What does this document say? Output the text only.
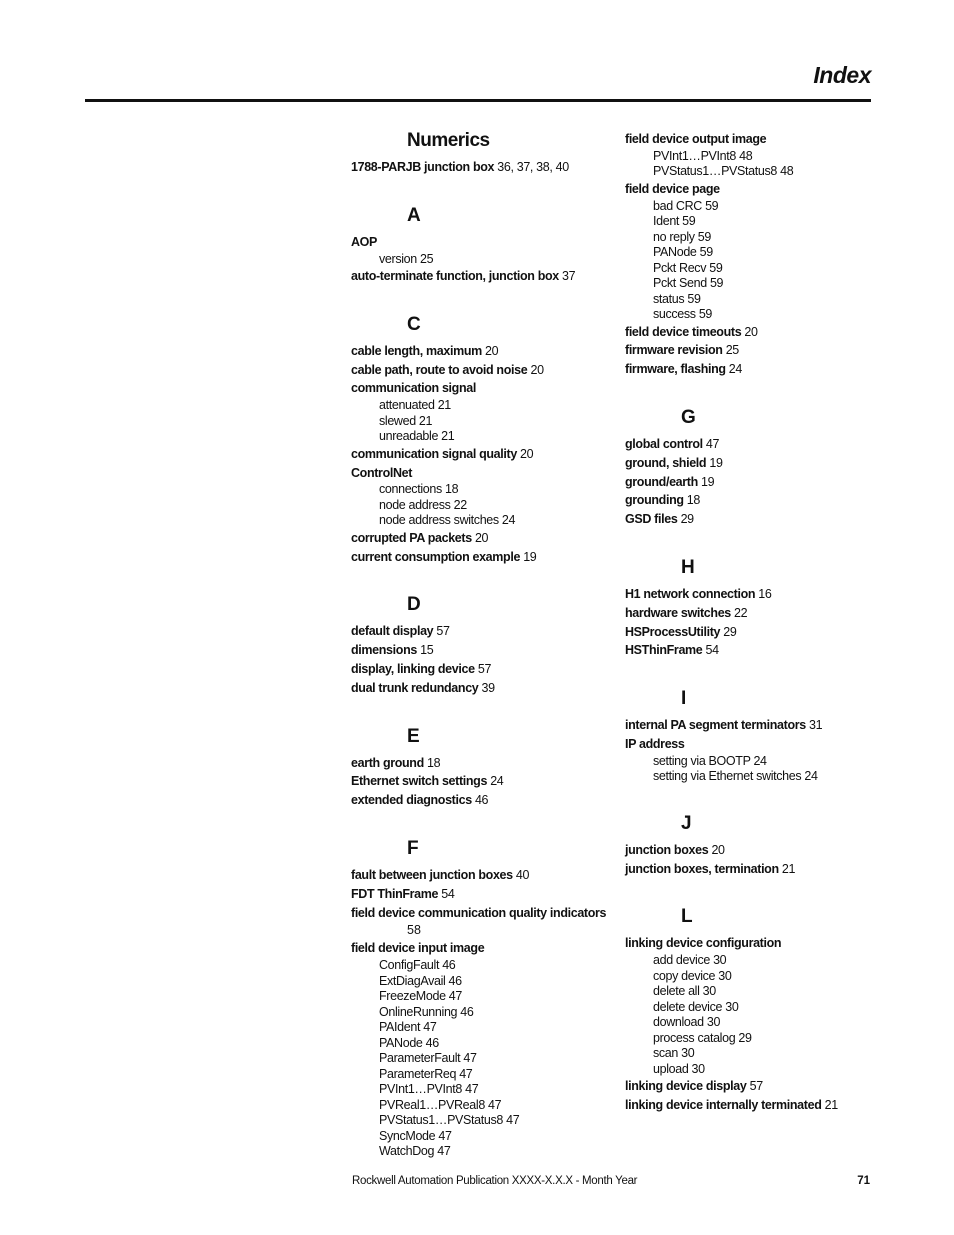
Index
Numerics
1788-PARJB junction box 36, 37, 38, 40
A
AOP
version 25
auto-terminate function, junction box 37
C
cable length, maximum 20
cable path, route to avoid noise 20
communication signal
attenuated 21
slewed 21
unreadable 21
communication signal quality 20
ControlNet
connections 18
node address 22
node address switches 24
corrupted PA packets 20
current consumption example 19
D
default display 57
dimensions 15
display, linking device 57
dual trunk redundancy 39
E
earth ground 18
Ethernet switch settings 24
extended diagnostics 46
F
fault between junction boxes 40
FDT ThinFrame 54
field device communication quality indicators
58
field device input image
ConfigFault 46
ExtDiagAvail 46
FreezeMode 47
OnlineRunning 46
PAIdent 47
PANode 46
ParameterFault 47
ParameterReq 47
PVInt1…PVInt8 47
PVReal1…PVReal8 47
PVStatus1…PVStatus8 47
SyncMode 47
WatchDog 47
field device output image
PVInt1…PVInt8 48
PVStatus1…PVStatus8 48
field device page
bad CRC 59
Ident 59
no reply 59
PANode 59
Pckt Recv 59
Pckt Send 59
status 59
success 59
field device timeouts 20
firmware revision 25
firmware, flashing 24
G
global control 47
ground, shield 19
ground/earth 19
grounding 18
GSD files 29
H
H1 network connection 16
hardware switches 22
HSProcessUtility 29
HSThinFrame 54
I
internal PA segment terminators 31
IP address
setting via BOOTP 24
setting via Ethernet switches 24
J
junction boxes 20
junction boxes, termination 21
L
linking device configuration
add device 30
copy device 30
delete all 30
delete device 30
download 30
process catalog 29
scan 30
upload 30
linking device display 57
linking device internally terminated 21
Rockwell Automation Publication XXXX-X.X.X - Month Year	71
